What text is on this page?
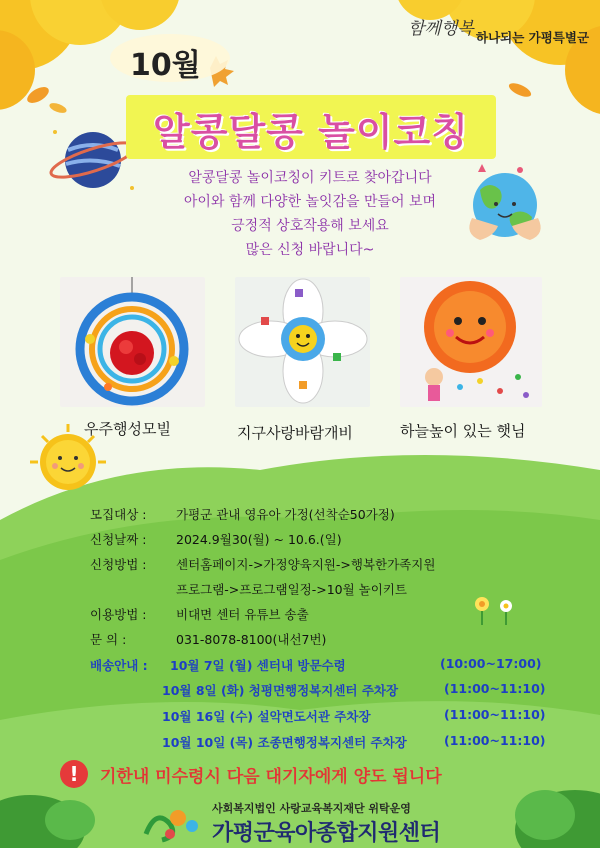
함께행복 하나되는 가평특별군
10월
알콩달콩 놀이코칭
알콩달콩 놀이코칭이 키트로 찾아갑니다
아이와 함께 다양한 놀잇감을 만들어 보며
긍정적 상호작용해 보세요
많은 신청 바랍니다~
우주행성모빌	지구사랑바람개비	하늘높이 있는 햇님
모집대상 : 가평군 관내 영유아 가정(선착순50가정)
신청날짜 : 2024.9월30(월) ~ 10.6.(일)
신청방법 : 센터홈페이지->가정양육지원->행복한가족지원
프로그램->프로그램일정->10월 놀이키트
이용방법 : 비대면 센터 유튜브 송출
문 의 :	031-8078-8100(내선7번)
배송안내 : 10월 7일 (월) 센터내 방문수령	(10:00~17:00)
10월 8일 (화) 청평면행정복지센터 주차장	(11:00~11:10)
10월 16일 (수) 설악면도서관 주차장	(11:00~11:10)
10월 10일 (목) 조종면행정복지센터 주차장	(11:00~11:10)
!	기한내 미수령시 다음 대기자에게 양도 됩니다
사회복지법인 사랑교육복지재단 위탁운영
가평군육아종합지원센터
